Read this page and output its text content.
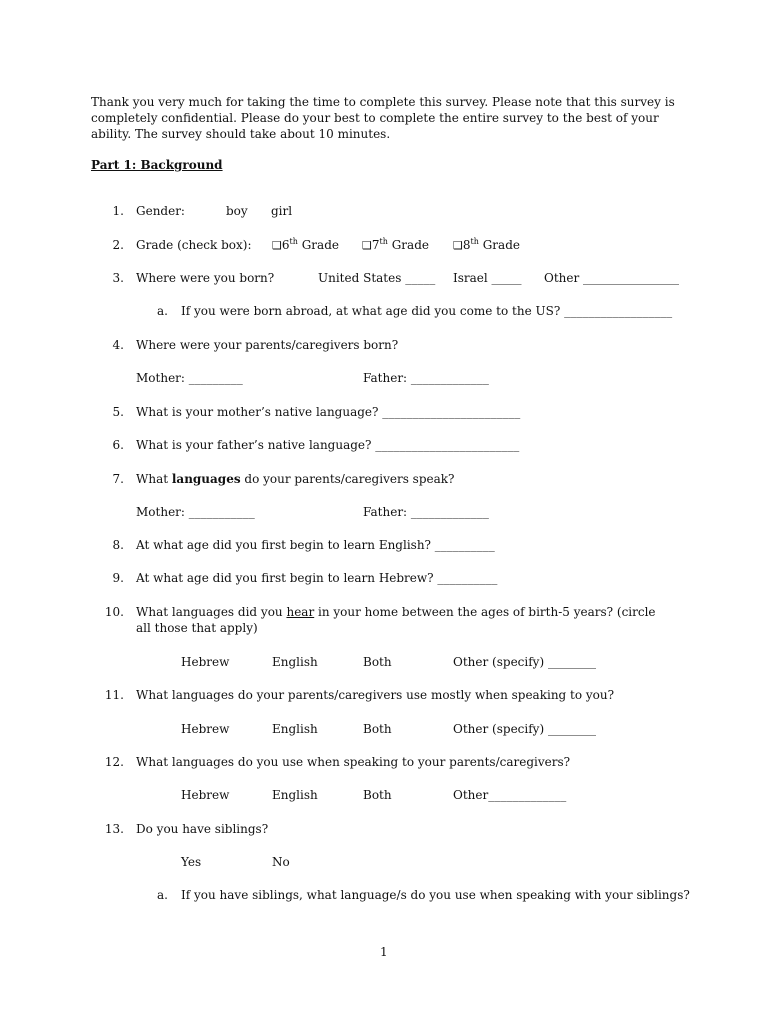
Thank you very much for taking the time to complete this survey. Please note that this survey is completely confidential. Please do your best to complete the entire survey to the best of your ability. The survey should take about 10 minutes.
Part 1: Background
1. Gender:	boy girl
2. Grade (check box): ❑6th Grade ❑7th Grade ❑8th Grade
3. Where were you born?	United States _____ Israel _____ Other ________________
a. If you were born abroad, at what age did you come to the US? __________________
4. Where were your parents/caregivers born?
Mother: _________	Father: _____________
5. What is your mother’s native language? _______________________
6. What is your father’s native language? ________________________
7. What languages do your parents/caregivers speak?
Mother: ___________	Father: _____________
8. At what age did you first begin to learn English? __________
9. At what age did you first begin to learn Hebrew? __________
10. What languages did you hear in your home between the ages of birth-5 years? (circle all those that apply)
Hebrew	English	Both	Other (specify) ________
11. What languages do your parents/caregivers use mostly when speaking to you?
Hebrew	English	Both	Other (specify) ________
12. What languages do you use when speaking to your parents/caregivers?
Hebrew	English	Both	Other_____________
13. Do you have siblings?
Yes	No
a. If you have siblings, what language/s do you use when speaking with your siblings?
1
